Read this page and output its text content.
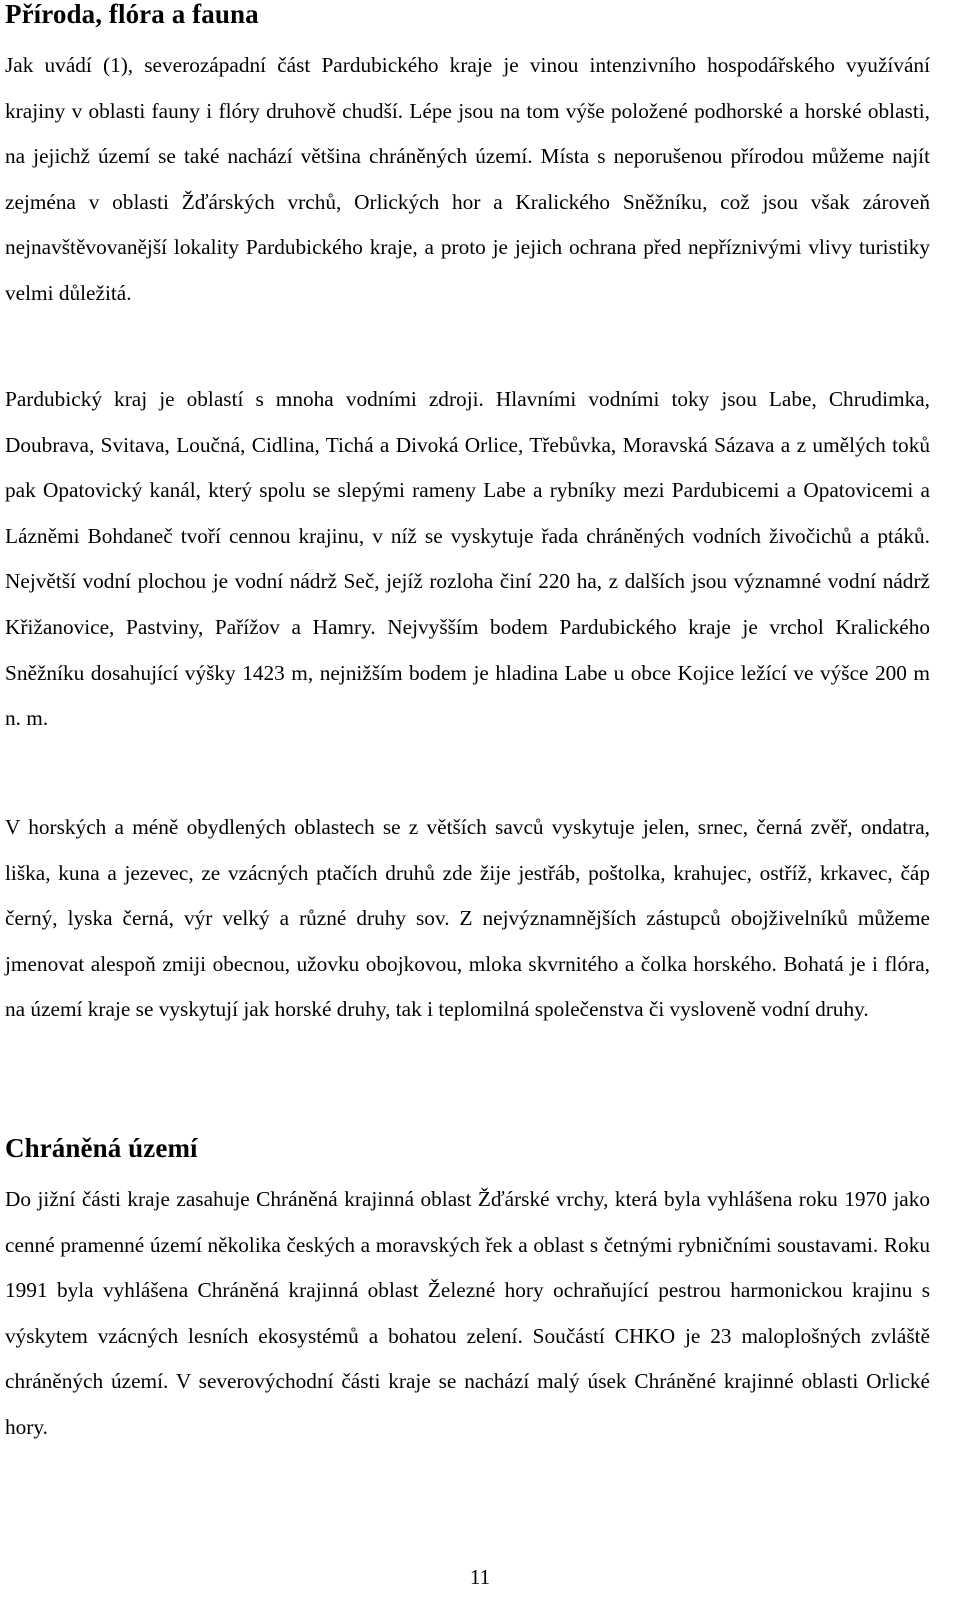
Příroda, flóra a fauna

Jak uvádí (1), severozápadní část Pardubického kraje je vinou intenzivního hospodářského využívání krajiny v oblasti fauny i flóry druhově chudší. Lépe jsou na tom výše položené podhorské a horské oblasti, na jejichž území se také nachází většina chráněných území. Místa s neporušenou přírodou můžeme najít zejména v oblasti Žďárských vrchů, Orlických hor a Kralického Sněžníku, což jsou však zároveň nejnavštěvovanější lokality Pardubického kraje, a proto je jejich ochrana před nepříznivými vlivy turistiky velmi důležitá.

Pardubický kraj je oblastí s mnoha vodními zdroji. Hlavními vodními toky jsou Labe, Chrudimka, Doubrava, Svitava, Loučná, Cidlina, Tichá a Divoká Orlice, Třebůvka, Moravská Sázava a z umělých toků pak Opatovický kanál, který spolu se slepými rameny Labe a rybníky mezi Pardubicemi a Opatovicemi a Lázněmi Bohdaneč tvoří cennou krajinu, v níž se vyskytuje řada chráněných vodních živočichů a ptáků. Největší vodní plochou je vodní nádrž Seč, jejíž rozloha činí 220 ha, z dalších jsou významné vodní nádrž Křižanovice, Pastviny, Pařížov a Hamry. Nejvyšším bodem Pardubického kraje je vrchol Kralického Sněžníku dosahující výšky 1423 m, nejnižším bodem je hladina Labe u obce Kojice ležící ve výšce 200 m n. m.

V horských a méně obydlených oblastech se z větších savců vyskytuje jelen, srnec, černá zvěř, ondatra, liška, kuna a jezevec, ze vzácných ptačích druhů zde žije jestřáb, poštolka, krahujec, ostříž, krkavec, čáp černý, lyska černá, výr velký a různé druhy sov. Z nejvýznamnějších zástupců obojživelníků můžeme jmenovat alespoň zmiji obecnou, užovku obojkovou, mloka skvrnitého a čolka horského. Bohatá je i flóra, na území kraje se vyskytují jak horské druhy, tak i teplomilná společenstva či vysloveně vodní druhy.

Chráněná území

Do jižní části kraje zasahuje Chráněná krajinná oblast Žďárské vrchy, která byla vyhlášena roku 1970 jako cenné pramenné území několika českých a moravských řek a oblast s četnými rybničními soustavami. Roku 1991 byla vyhlášena Chráněná krajinná oblast Železné hory ochraňující pestrou harmonickou krajinu s výskytem vzácných lesních ekosystémů a bohatou zelení. Součástí CHKO je 23 maloplošných zvláště chráněných území. V severovýchodní části kraje se nachází malý úsek Chráněné krajinné oblasti Orlické hory.

11
